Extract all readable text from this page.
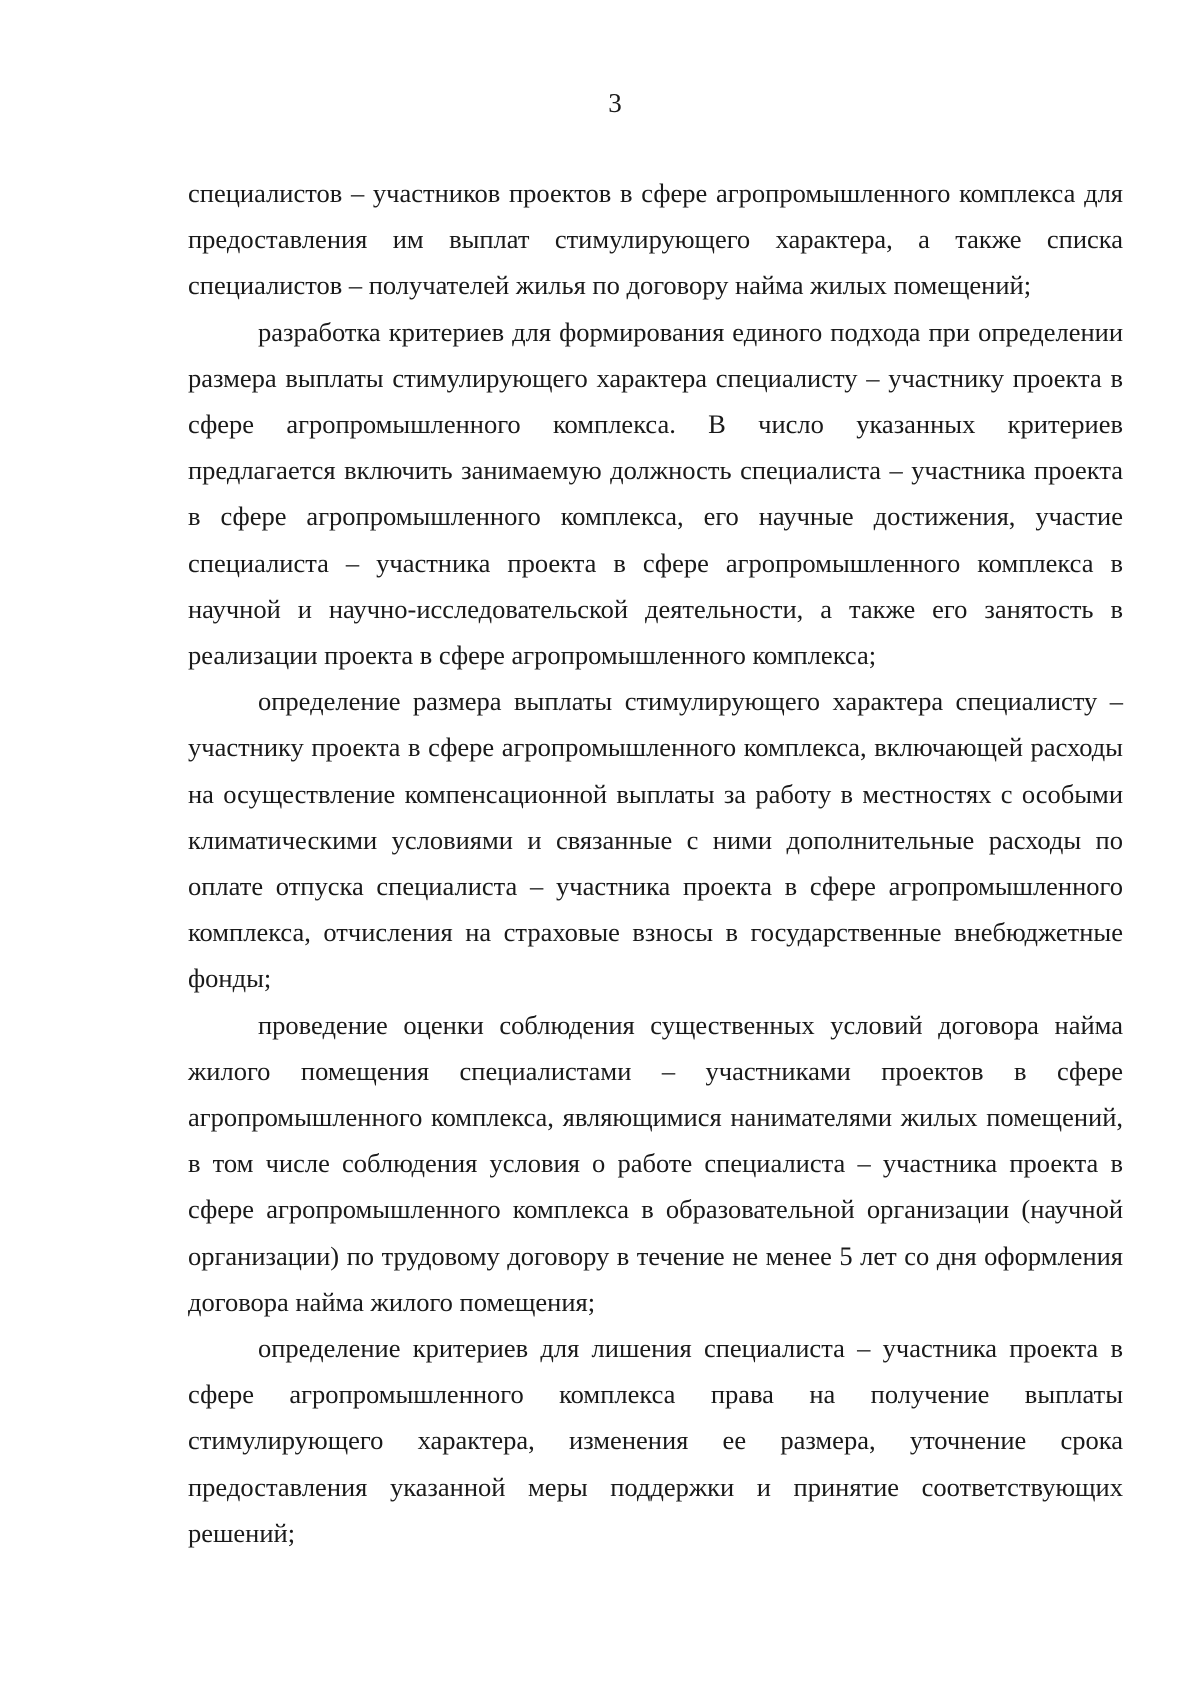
3

специалистов – участников проектов в сфере агропромышленного комплекса для предоставления им выплат стимулирующего характера, а также списка специалистов – получателей жилья по договору найма жилых помещений;

разработка критериев для формирования единого подхода при определении размера выплаты стимулирующего характера специалисту – участнику проекта в сфере агропромышленного комплекса. В число указанных критериев предлагается включить занимаемую должность специалиста – участника проекта в сфере агропромышленного комплекса, его научные достижения, участие специалиста – участника проекта в сфере агропромышленного комплекса в научной и научно-исследовательской деятельности, а также его занятость в реализации проекта в сфере агропромышленного комплекса;

определение размера выплаты стимулирующего характера специалисту – участнику проекта в сфере агропромышленного комплекса, включающей расходы на осуществление компенсационной выплаты за работу в местностях с особыми климатическими условиями и связанные с ними дополнительные расходы по оплате отпуска специалиста – участника проекта в сфере агропромышленного комплекса, отчисления на страховые взносы в государственные внебюджетные фонды;

проведение оценки соблюдения существенных условий договора найма жилого помещения специалистами – участниками проектов в сфере агропромышленного комплекса, являющимися нанимателями жилых помещений, в том числе соблюдения условия о работе специалиста – участника проекта в сфере агропромышленного комплекса в образовательной организации (научной организации) по трудовому договору в течение не менее 5 лет со дня оформления договора найма жилого помещения;

определение критериев для лишения специалиста – участника проекта в сфере агропромышленного комплекса права на получение выплаты стимулирующего характера, изменения ее размера, уточнение срока предоставления указанной меры поддержки и принятие соответствующих решений;
